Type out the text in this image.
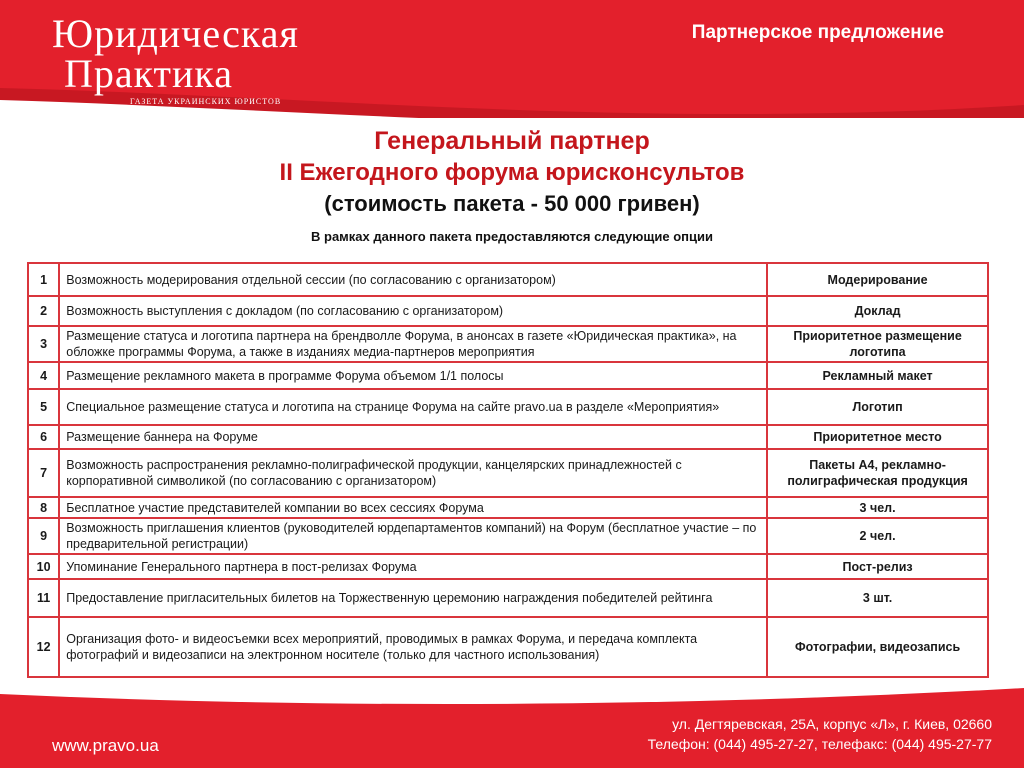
Юридическая
Практика
ГАЗЕТА УКРАИНСКИХ ЮРИСТОВ
Партнерское предложение
Генеральный партнер
II Ежегодного форума юрисконсультов
(стоимость пакета - 50 000 гривен)
В рамках данного пакета предоставляются следующие опции
1	Возможность модерирования отдельной сессии (по согласованию с организатором)	Модерирование
2	Возможность выступления с докладом (по согласованию с организатором)	Доклад
3	Размещение статуса и логотипа партнера на брендволле Форума, в анонсах в газете «Юридическая практика», на обложке программы Форума, а также в изданиях медиа-партнеров мероприятия	Приоритетное размещение логотипа
4	Размещение рекламного макета в программе Форума объемом 1/1 полосы	Рекламный макет
5	Специальное размещение статуса и логотипа на странице Форума на сайте pravo.ua в разделе «Мероприятия»	Логотип
6	Размещение баннера на Форуме	Приоритетное место
7	Возможность распространения рекламно-полиграфической продукции, канцелярских принадлежностей с корпоративной символикой (по согласованию с организатором)	Пакеты А4, рекламно-полиграфическая продукция
8	Бесплатное участие представителей компании во всех сессиях Форума	3 чел.
9	Возможность приглашения клиентов (руководителей юрдепартаментов компаний) на Форум (бесплатное участие – по предварительной регистрации)	2 чел.
10	Упоминание Генерального партнера в пост-релизах Форума	Пост-релиз
11	Предоставление пригласительных билетов на Торжественную церемонию награждения победителей рейтинга	3 шт.
12	Организация фото- и видеосъемки всех мероприятий, проводимых в рамках Форума, и передача комплекта фотографий и видеозаписи на электронном носителе (только для частного использования)	Фотографии, видеозапись
www.pravo.ua
ул. Дегтяревская, 25А, корпус «Л», г. Киев, 02660
Телефон: (044) 495-27-27, телефакс: (044) 495-27-77
